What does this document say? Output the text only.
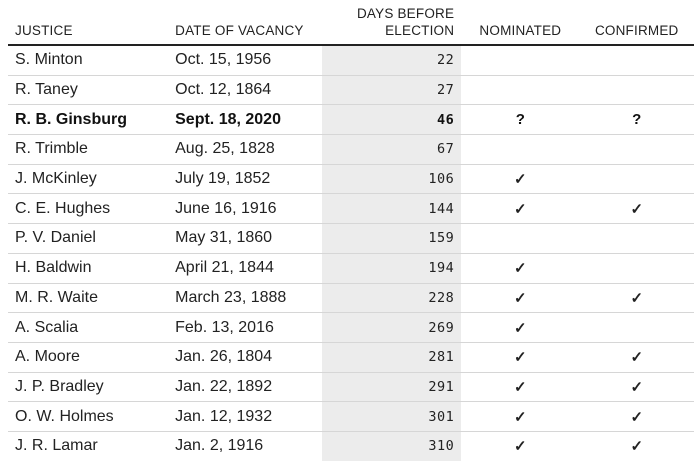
JUSTICE	DATE OF VACANCY	DAYS BEFORE
ELECTION	NOMINATED	CONFIRMED
S. Minton	Oct. 15, 1956	22		
R. Taney	Oct. 12, 1864	27		
R. B. Ginsburg	Sept. 18, 2020	46	?	?
R. Trimble	Aug. 25, 1828	67		
J. McKinley	July 19, 1852	106	✓	
C. E. Hughes	June 16, 1916	144	✓	✓
P. V. Daniel	May 31, 1860	159		
H. Baldwin	April 21, 1844	194	✓	
M. R. Waite	March 23, 1888	228	✓	✓
A. Scalia	Feb. 13, 2016	269	✓	
A. Moore	Jan. 26, 1804	281	✓	✓
J. P. Bradley	Jan. 22, 1892	291	✓	✓
O. W. Holmes	Jan. 12, 1932	301	✓	✓
J. R. Lamar	Jan. 2, 1916	310	✓	✓
